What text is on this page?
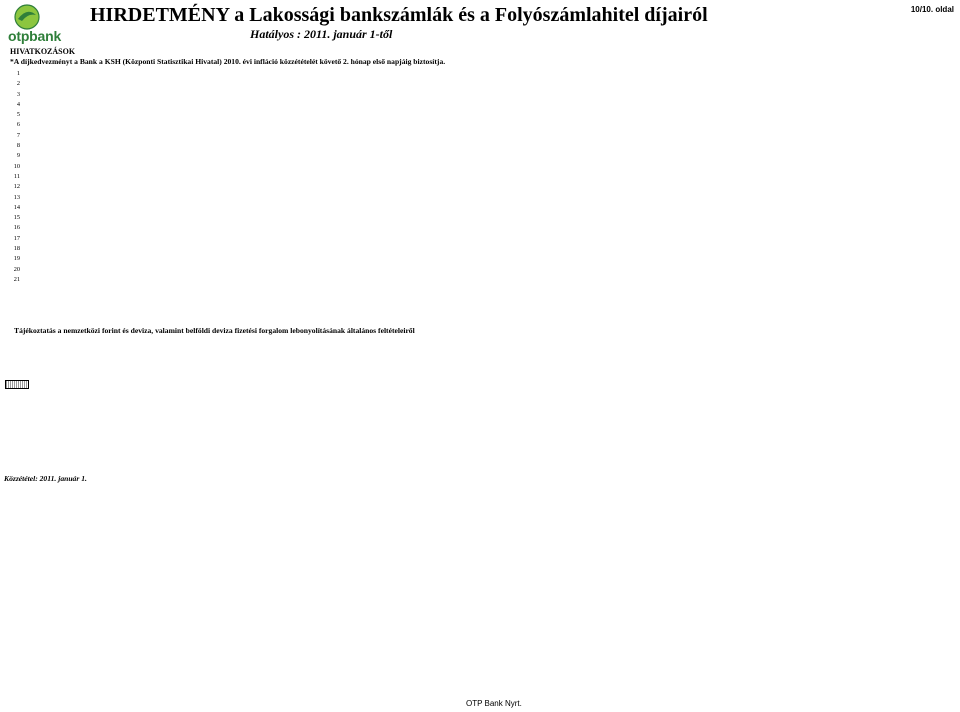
otpbank
HIRDETMÉNY a Lakossági bankszámlák és a Folyószámlahitel díjairól
Hatályos : 2011. január 1-től
10/10. oldal
HIVATKOZÁSOK
*A díjkedvezményt a Bank a KSH (Központi Statisztikai Hivatal) 2010. évi infláció közzétételét követő 2. hónap első napjáig biztosítja.
1
2
3
4
5
6
7
8
9
10
11
12
13
14
15
16
17
18
19
20
21
Tájékoztatás a nemzetközi forint és deviza, valamint belföldi deviza fizetési forgalom lebonyolításának általános feltételeiről
Közzététel: 2011. január 1.
OTP Bank Nyrt.
